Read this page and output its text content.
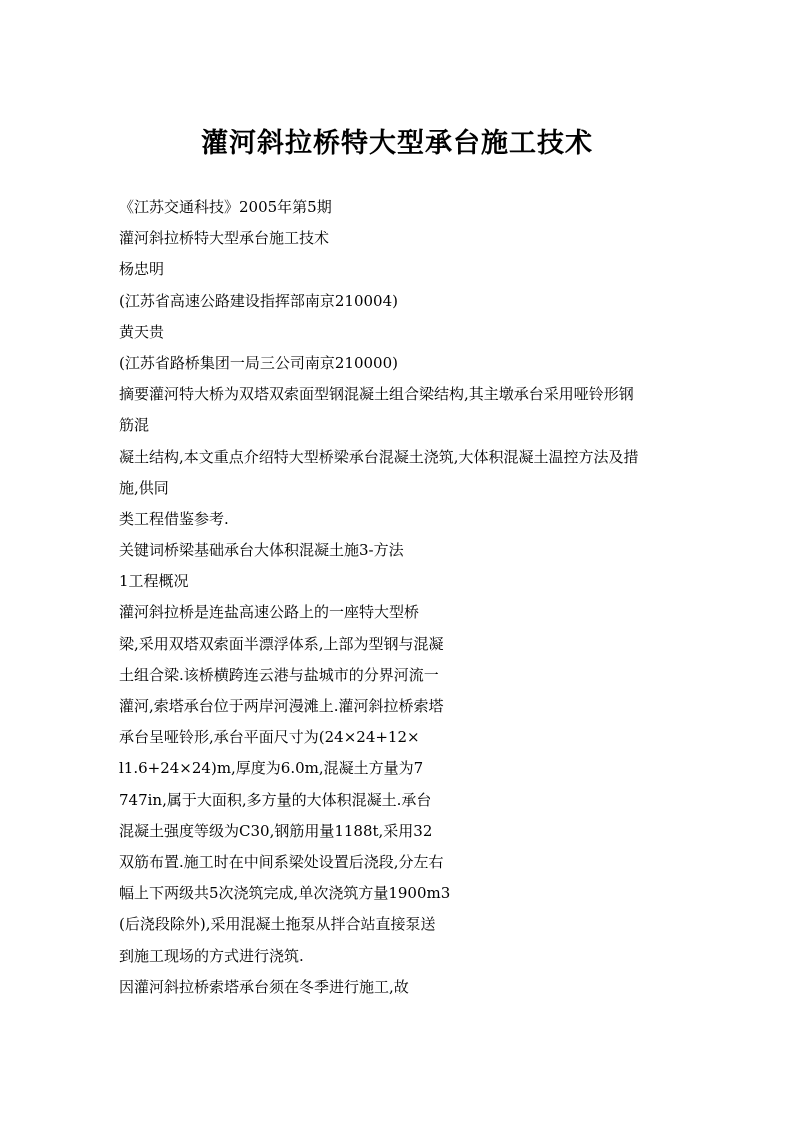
灌河斜拉桥特大型承台施工技术
《江苏交通科技》2005年第5期
灌河斜拉桥特大型承台施工技术
杨忠明
(江苏省高速公路建设指挥部南京210004)
黄天贵
(江苏省路桥集团一局三公司南京210000)
摘要灌河特大桥为双塔双索面型钢混凝土组合梁结构,其主墩承台采用哑铃形钢
筋混
凝土结构,本文重点介绍特大型桥梁承台混凝土浇筑,大体积混凝土温控方法及措
施,供同
类工程借鉴参考.
关键词桥梁基础承台大体积混凝土施3-方法
1工程概况
灌河斜拉桥是连盐高速公路上的一座特大型桥
梁,采用双塔双索面半漂浮体系,上部为型钢与混凝
土组合梁.该桥横跨连云港与盐城市的分界河流一
灌河,索塔承台位于两岸河漫滩上.灌河斜拉桥索塔
承台呈哑铃形,承台平面尺寸为(24×24+12×
l1.6+24×24)m,厚度为6.0m,混凝土方量为7
747in,属于大面积,多方量的大体积混凝土.承台
混凝土强度等级为C30,钢筋用量1188t,采用32
双筋布置.施工时在中间系梁处设置后浇段,分左右
幅上下两级共5次浇筑完成,单次浇筑方量1900m3
(后浇段除外),采用混凝土拖泵从拌合站直接泵送
到施工现场的方式进行浇筑.
因灌河斜拉桥索塔承台须在冬季进行施工,故
